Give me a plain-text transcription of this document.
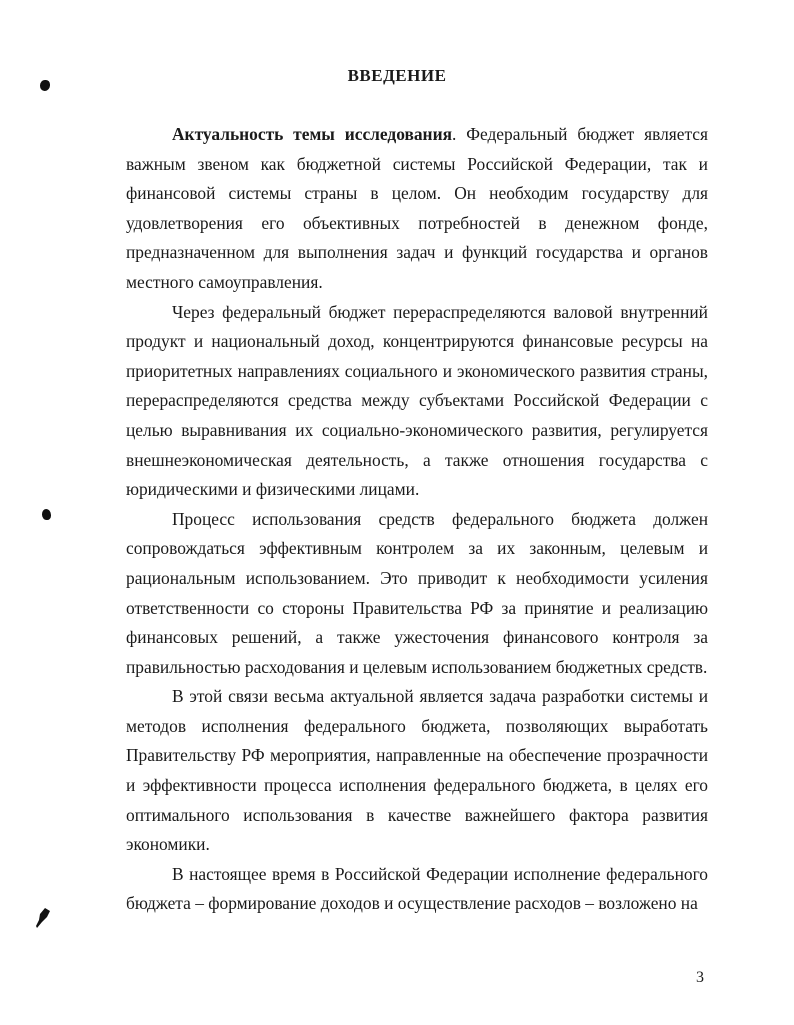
ВВЕДЕНИЕ

Актуальность темы исследования. Федеральный бюджет является важным звеном как бюджетной системы Российской Федерации, так и финансовой системы страны в целом. Он необходим государству для удовлетворения его объективных потребностей в денежном фонде, предназначенном для выполнения задач и функций государства и органов местного самоуправления.

Через федеральный бюджет перераспределяются валовой внутренний продукт и национальный доход, концентрируются финансовые ресурсы на приоритетных направлениях социального и экономического развития страны, перераспределяются средства между субъектами Российской Федерации с целью выравнивания их социально-экономического развития, регулируется внешнеэкономическая деятельность, а также отношения государства с юридическими и физическими лицами.

Процесс использования средств федерального бюджета должен сопровождаться эффективным контролем за их законным, целевым и рациональным использованием. Это приводит к необходимости усиления ответственности со стороны Правительства РФ за принятие и реализацию финансовых решений, а также ужесточения финансового контроля за правильностью расходования и целевым использованием бюджетных средств.

В этой связи весьма актуальной является задача разработки системы и методов исполнения федерального бюджета, позволяющих выработать Правительству РФ мероприятия, направленные на обеспечение прозрачности и эффективности процесса исполнения федерального бюджета, в целях его оптимального использования в качестве важнейшего фактора развития экономики.

В настоящее время в Российской Федерации исполнение федерального бюджета – формирование доходов и осуществление расходов – возложено на

3
